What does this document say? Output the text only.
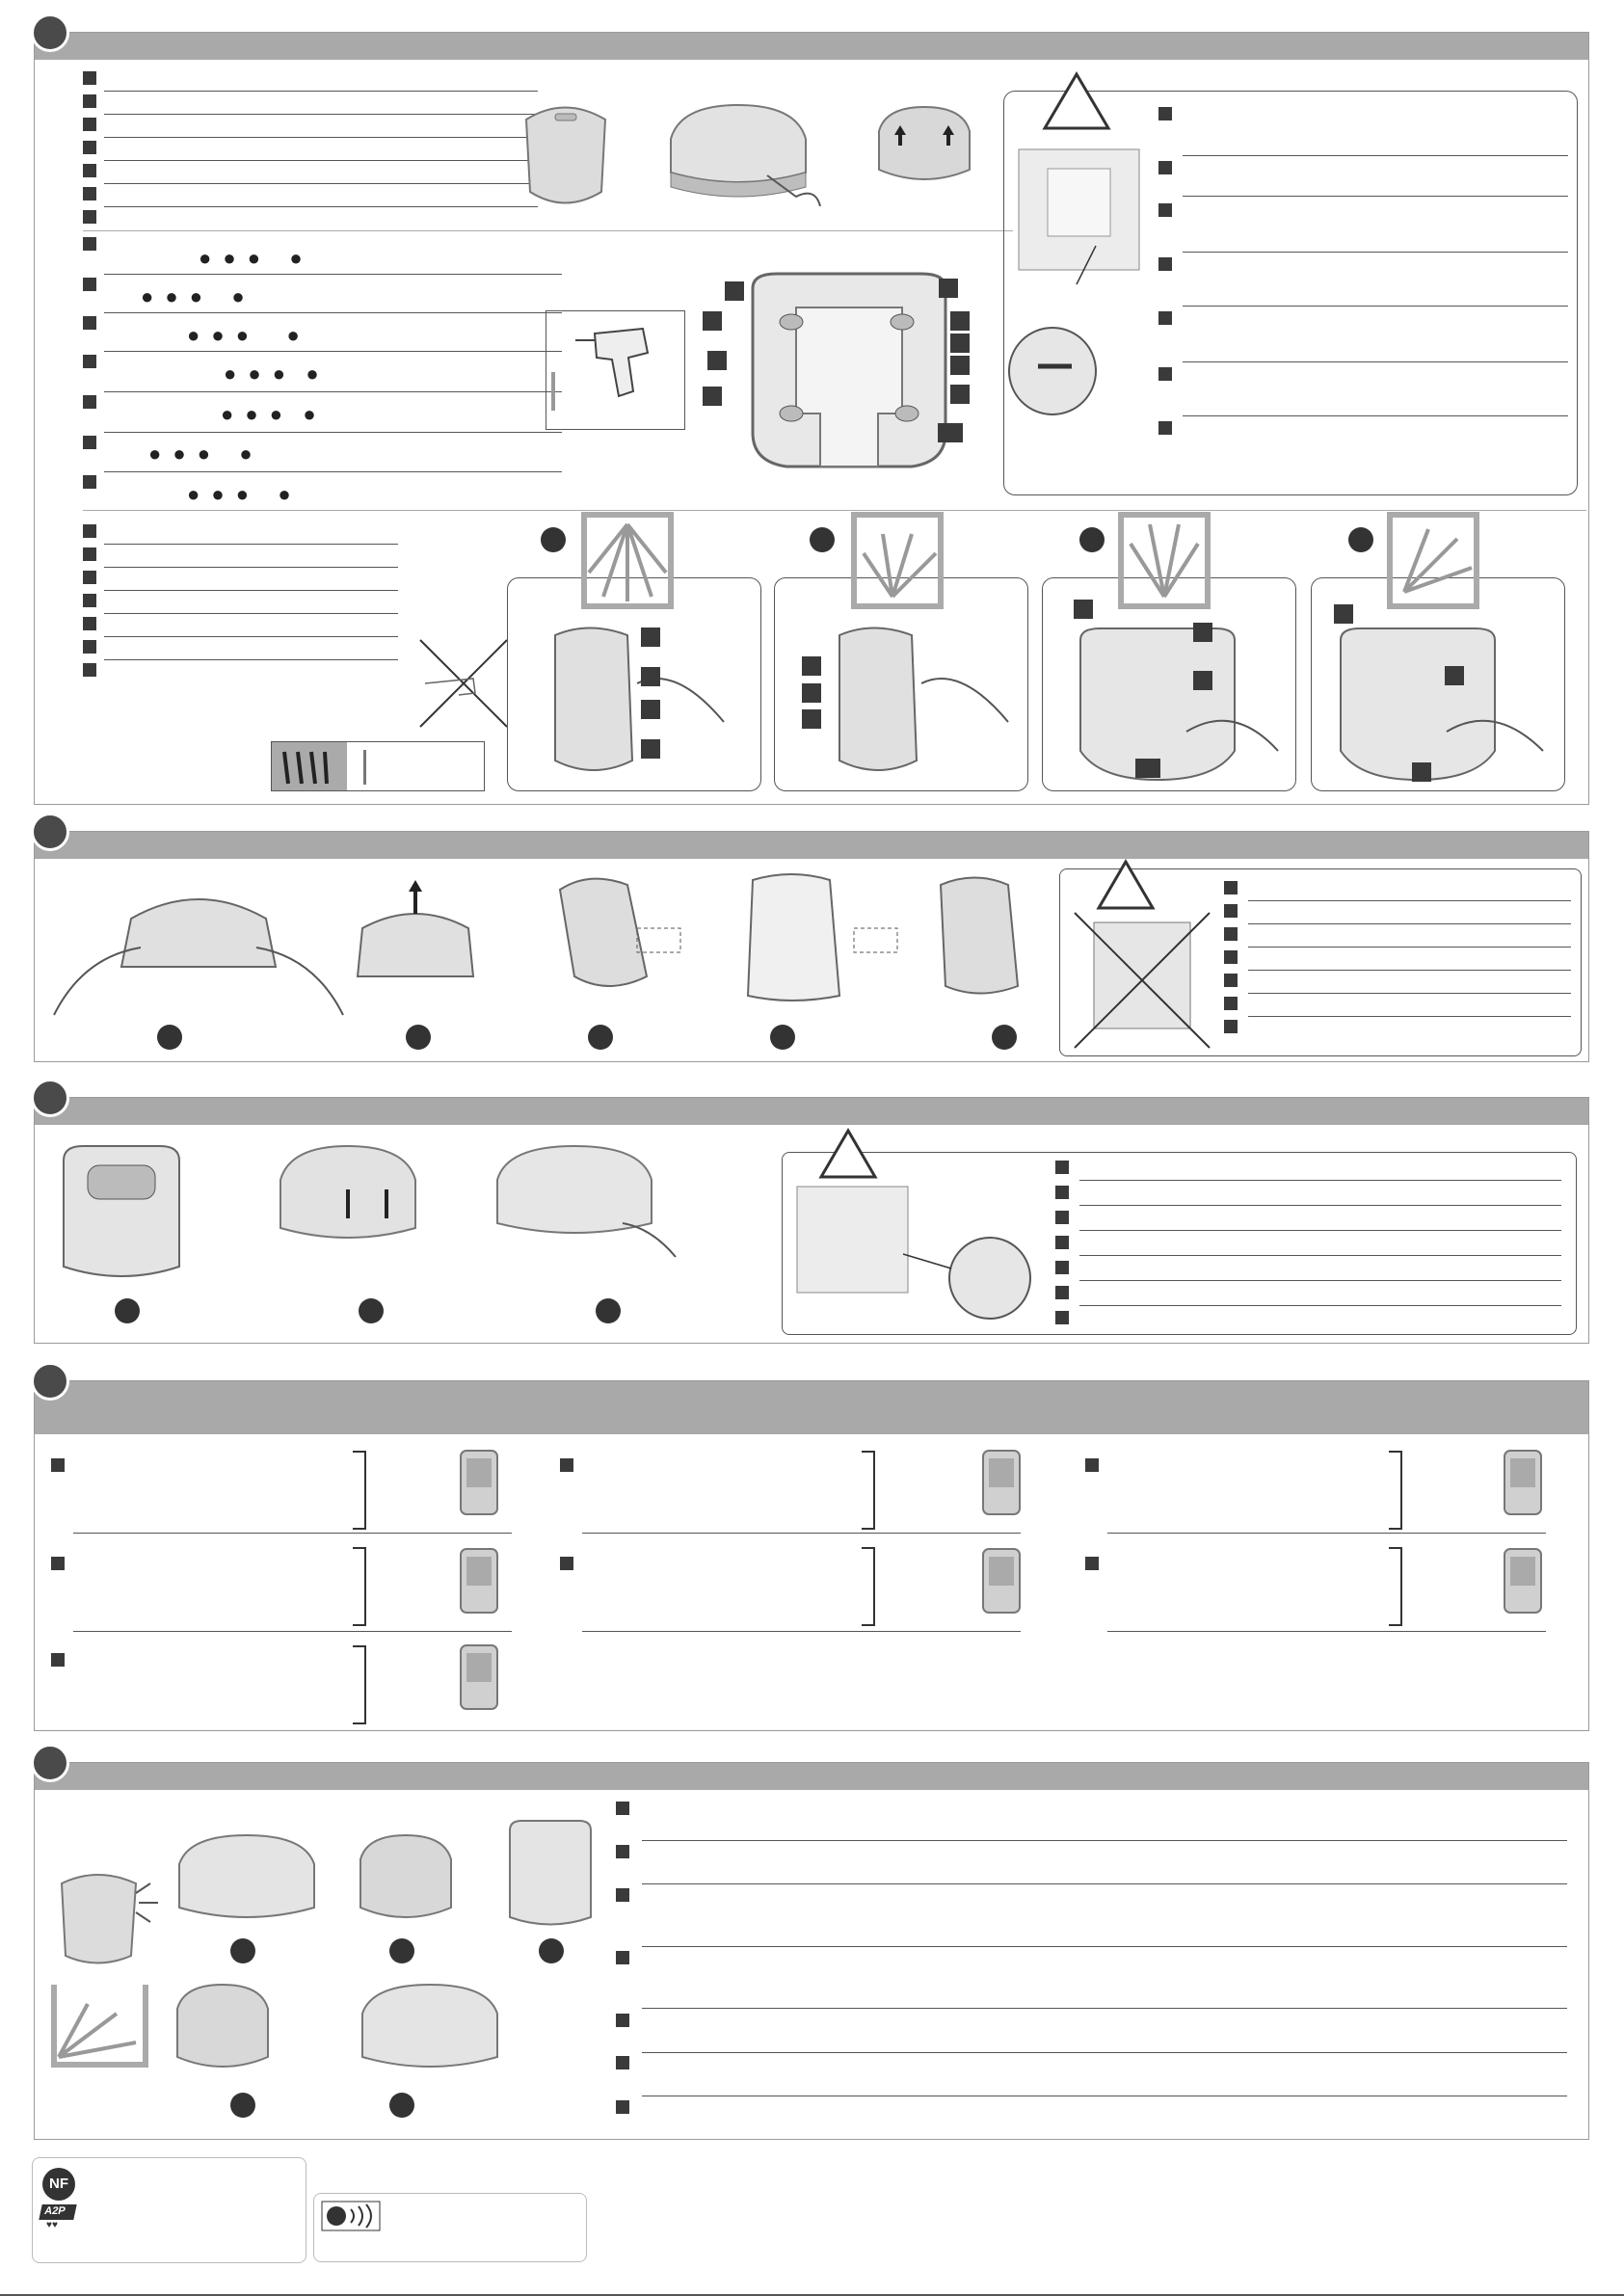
● ● ●   ●
● ● ●   ●
● ● ●    ●
● ● ●  ●
● ● ●  ●
● ● ●   ●
● ● ●   ●
NF
A2P
♥♥
